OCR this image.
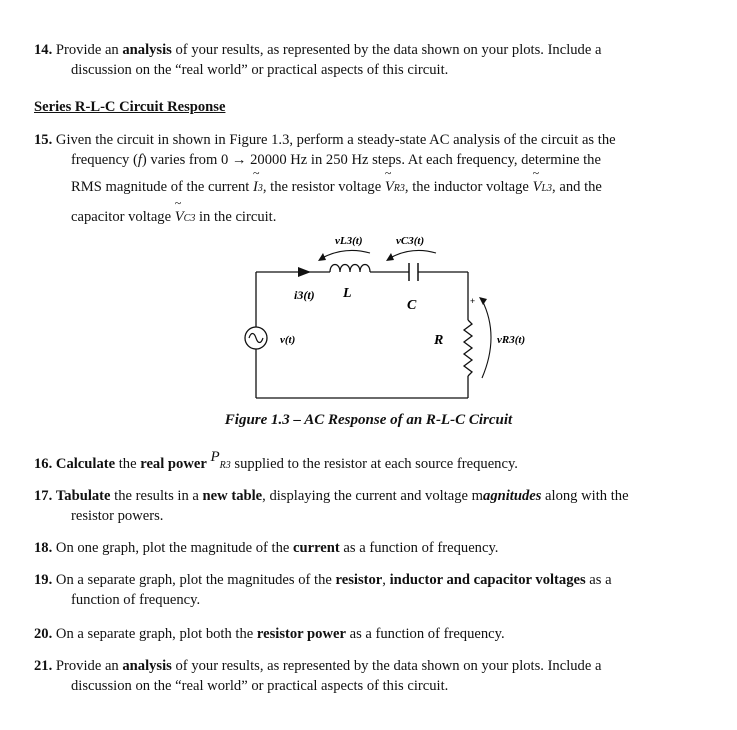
14. Provide an analysis of your results, as represented by the data shown on your plots. Include a
discussion on the “real world” or practical aspects of this circuit.
Series R-L-C Circuit Response
15. Given the circuit in shown in Figure 1.3, perform a steady-state AC analysis of the circuit as the
frequency (f) varies from 0 → 20000 Hz in 250 Hz steps. At each frequency, determine the
RMS magnitude of the current
~
I3, the resistor voltage
~
VR3, the inductor voltage
~
VL3, and the
capacitor voltage
~
VC3 in the circuit.
vL3(t)	vC3(t)
i3(t) L
C
R
v(t)	vR3(t)
+
Figure 1.3 – AC Response of an R-L-C Circuit
16. Calculate the real power PR3 supplied to the resistor at each source frequency.
17. Tabulate the results in a new table, displaying the current and voltage magnitudes along with the
resistor powers.
18. On one graph, plot the magnitude of the current as a function of frequency.
19. On a separate graph, plot the magnitudes of the resistor, inductor and capacitor voltages as a
function of frequency.
20. On a separate graph, plot both the resistor power as a function of frequency.
21. Provide an analysis of your results, as represented by the data shown on your plots. Include a
discussion on the “real world” or practical aspects of this circuit.
